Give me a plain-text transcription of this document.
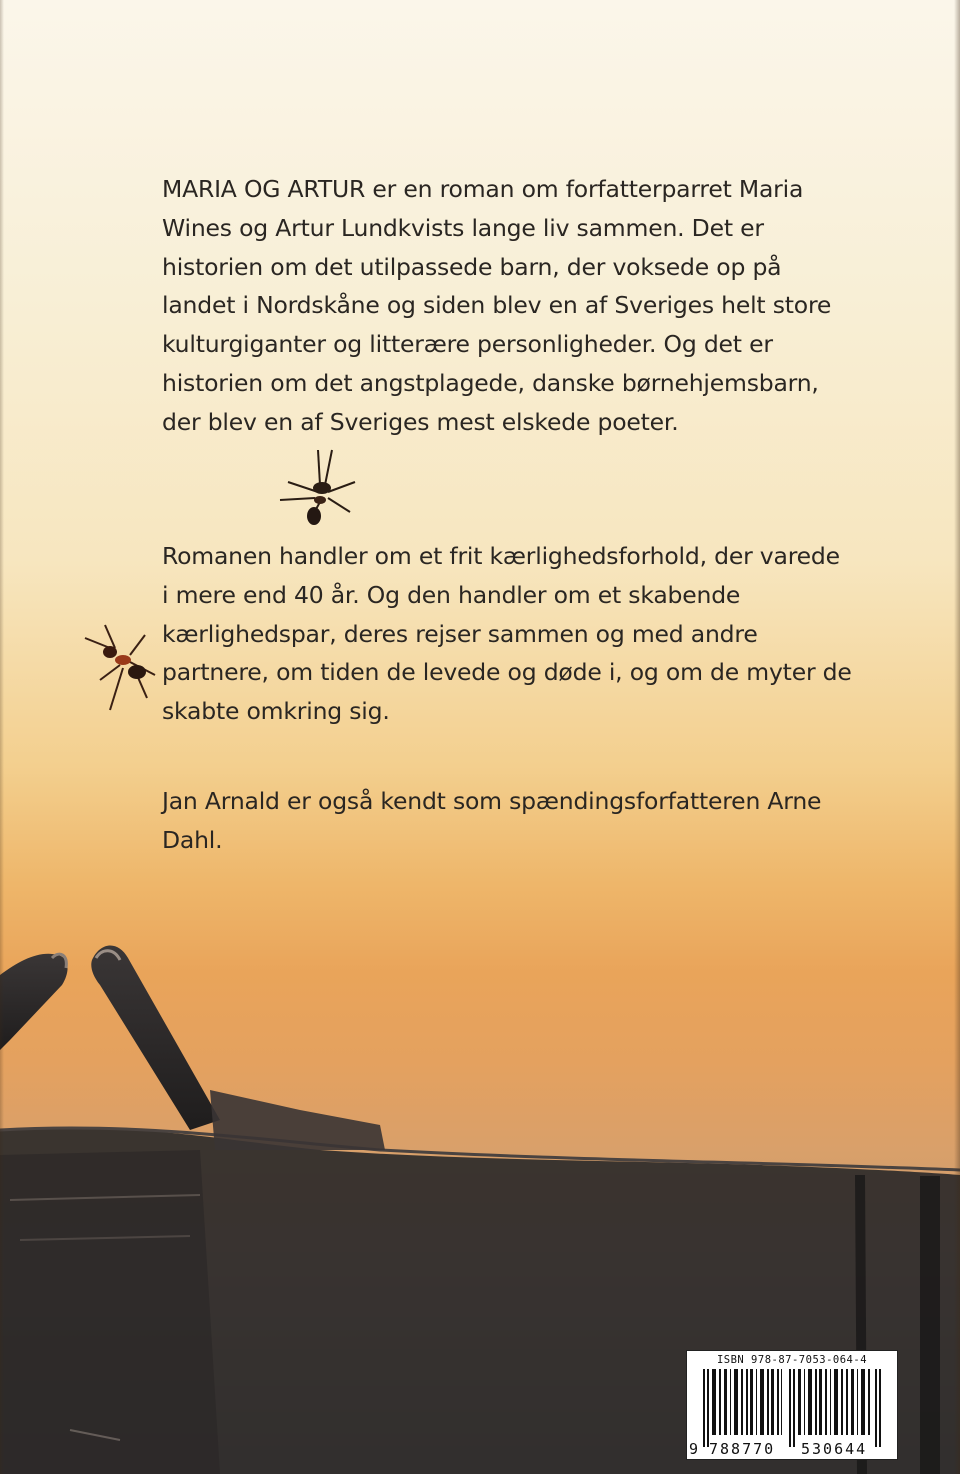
MARIA OG ARTUR er en roman om forfatterparret Maria Wines og Artur Lundkvists lange liv sammen. Det er historien om det utilpassede barn, der voksede op på landet i Nordskåne og siden blev en af Sveriges helt store kulturgiganter og litterære personligheder. Og det er historien om det angstplagede, danske børnehjemsbarn, der blev en af Sveriges mest elskede poeter.

Romanen handler om et frit kærlighedsforhold, der varede i mere end 40 år. Og den handler om et skabende kærlighedspar, deres rejser sammen og med andre partnere, om tiden de levede og døde i, og om de myter de skabte omkring sig.

Jan Arnald er også kendt som spændingsforfatteren Arne Dahl.

ISBN 978-87-7053-064-4
9 788770 530644
